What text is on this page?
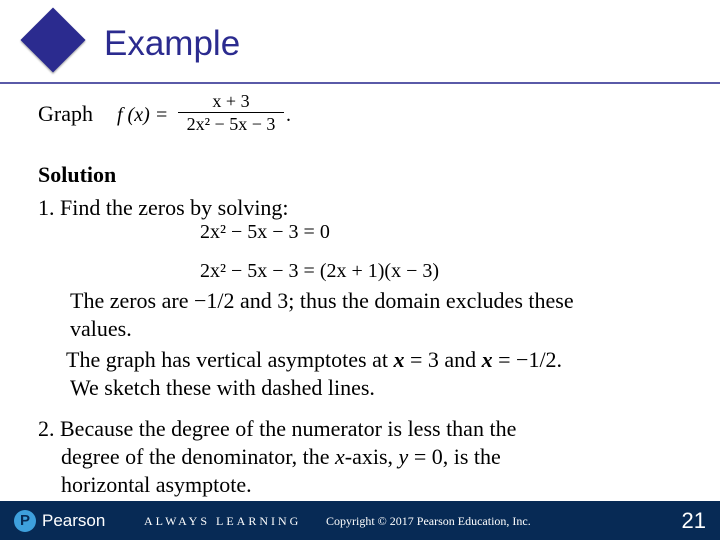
Example
Graph f (x) =
x + 3
2x² − 5x − 3 .
Solution
1. Find the zeros by solving:
2x² − 5x − 3 = 0
2x² − 5x − 3 = (2x + 1)(x − 3)
The zeros are −1/2 and 3; thus the domain excludes these
values.
The graph has vertical asymptotes at x = 3 and x = −1/2.
We sketch these with dashed lines.
2. Because the degree of the numerator is less than the
degree of the denominator, the x-axis, y = 0, is the
horizontal asymptote.
P Pearson	ALWAYS LEARNING Copyright © 2017 Pearson Education, Inc.	21
